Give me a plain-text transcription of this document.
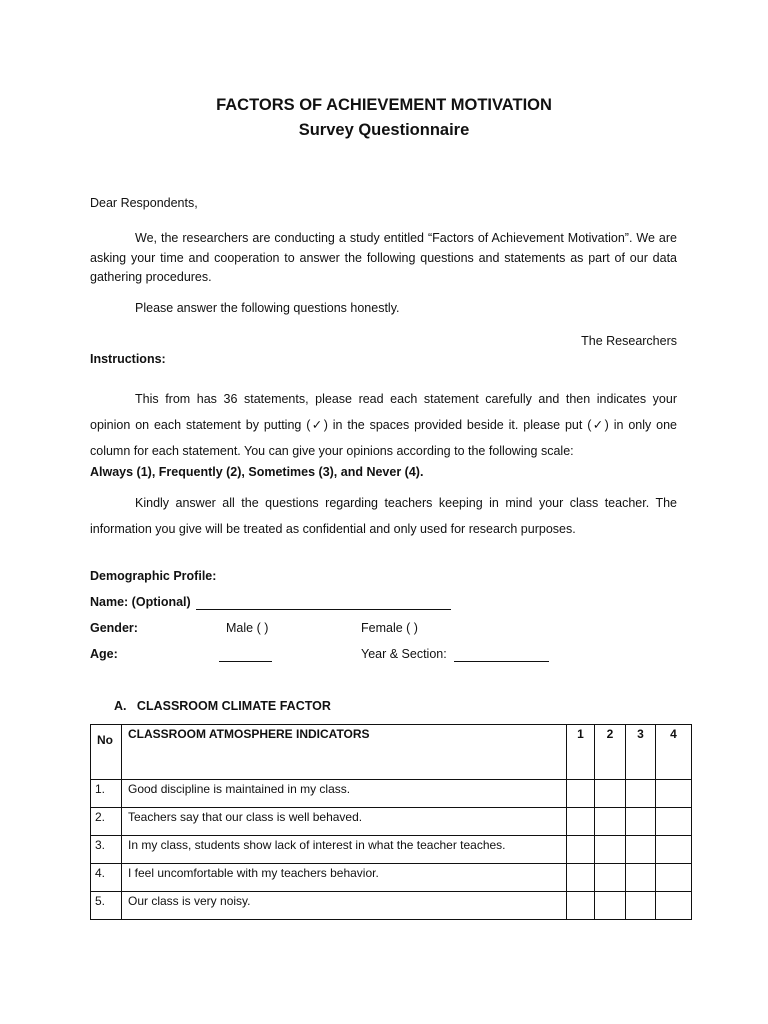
FACTORS OF ACHIEVEMENT MOTIVATION
Survey Questionnaire
Dear Respondents,
We, the researchers are conducting a study entitled “Factors of Achievement Motivation”. We are asking your time and cooperation to answer the following questions and statements as part of our data gathering procedures.
Please answer the following questions honestly.
The Researchers
Instructions:
This from has 36 statements, please read each statement carefully and then indicates your opinion on each statement by putting (✓) in the spaces provided beside it. please put (✓) in only one column for each statement. You can give your opinions according to the following scale:
Always (1), Frequently (2), Sometimes (3), and Never (4).
Kindly answer all the questions regarding teachers keeping in mind your class teacher. The information you give will be treated as confidential and only used for research purposes.
Demographic Profile:
Name: (Optional)
Gender:	Male ( )	Female ( )
Age:
	Year & Section:
A.   CLASSROOM CLIMATE FACTOR
No	CLASSROOM ATMOSPHERE INDICATORS	1	2	3	4
1.	Good discipline is maintained in my class.				
2.	Teachers say that our class is well behaved.				
3.	In my class, students show lack of interest in what the teacher teaches.				
4.	I feel uncomfortable with my teachers behavior.				
5.	Our class is very noisy.				
